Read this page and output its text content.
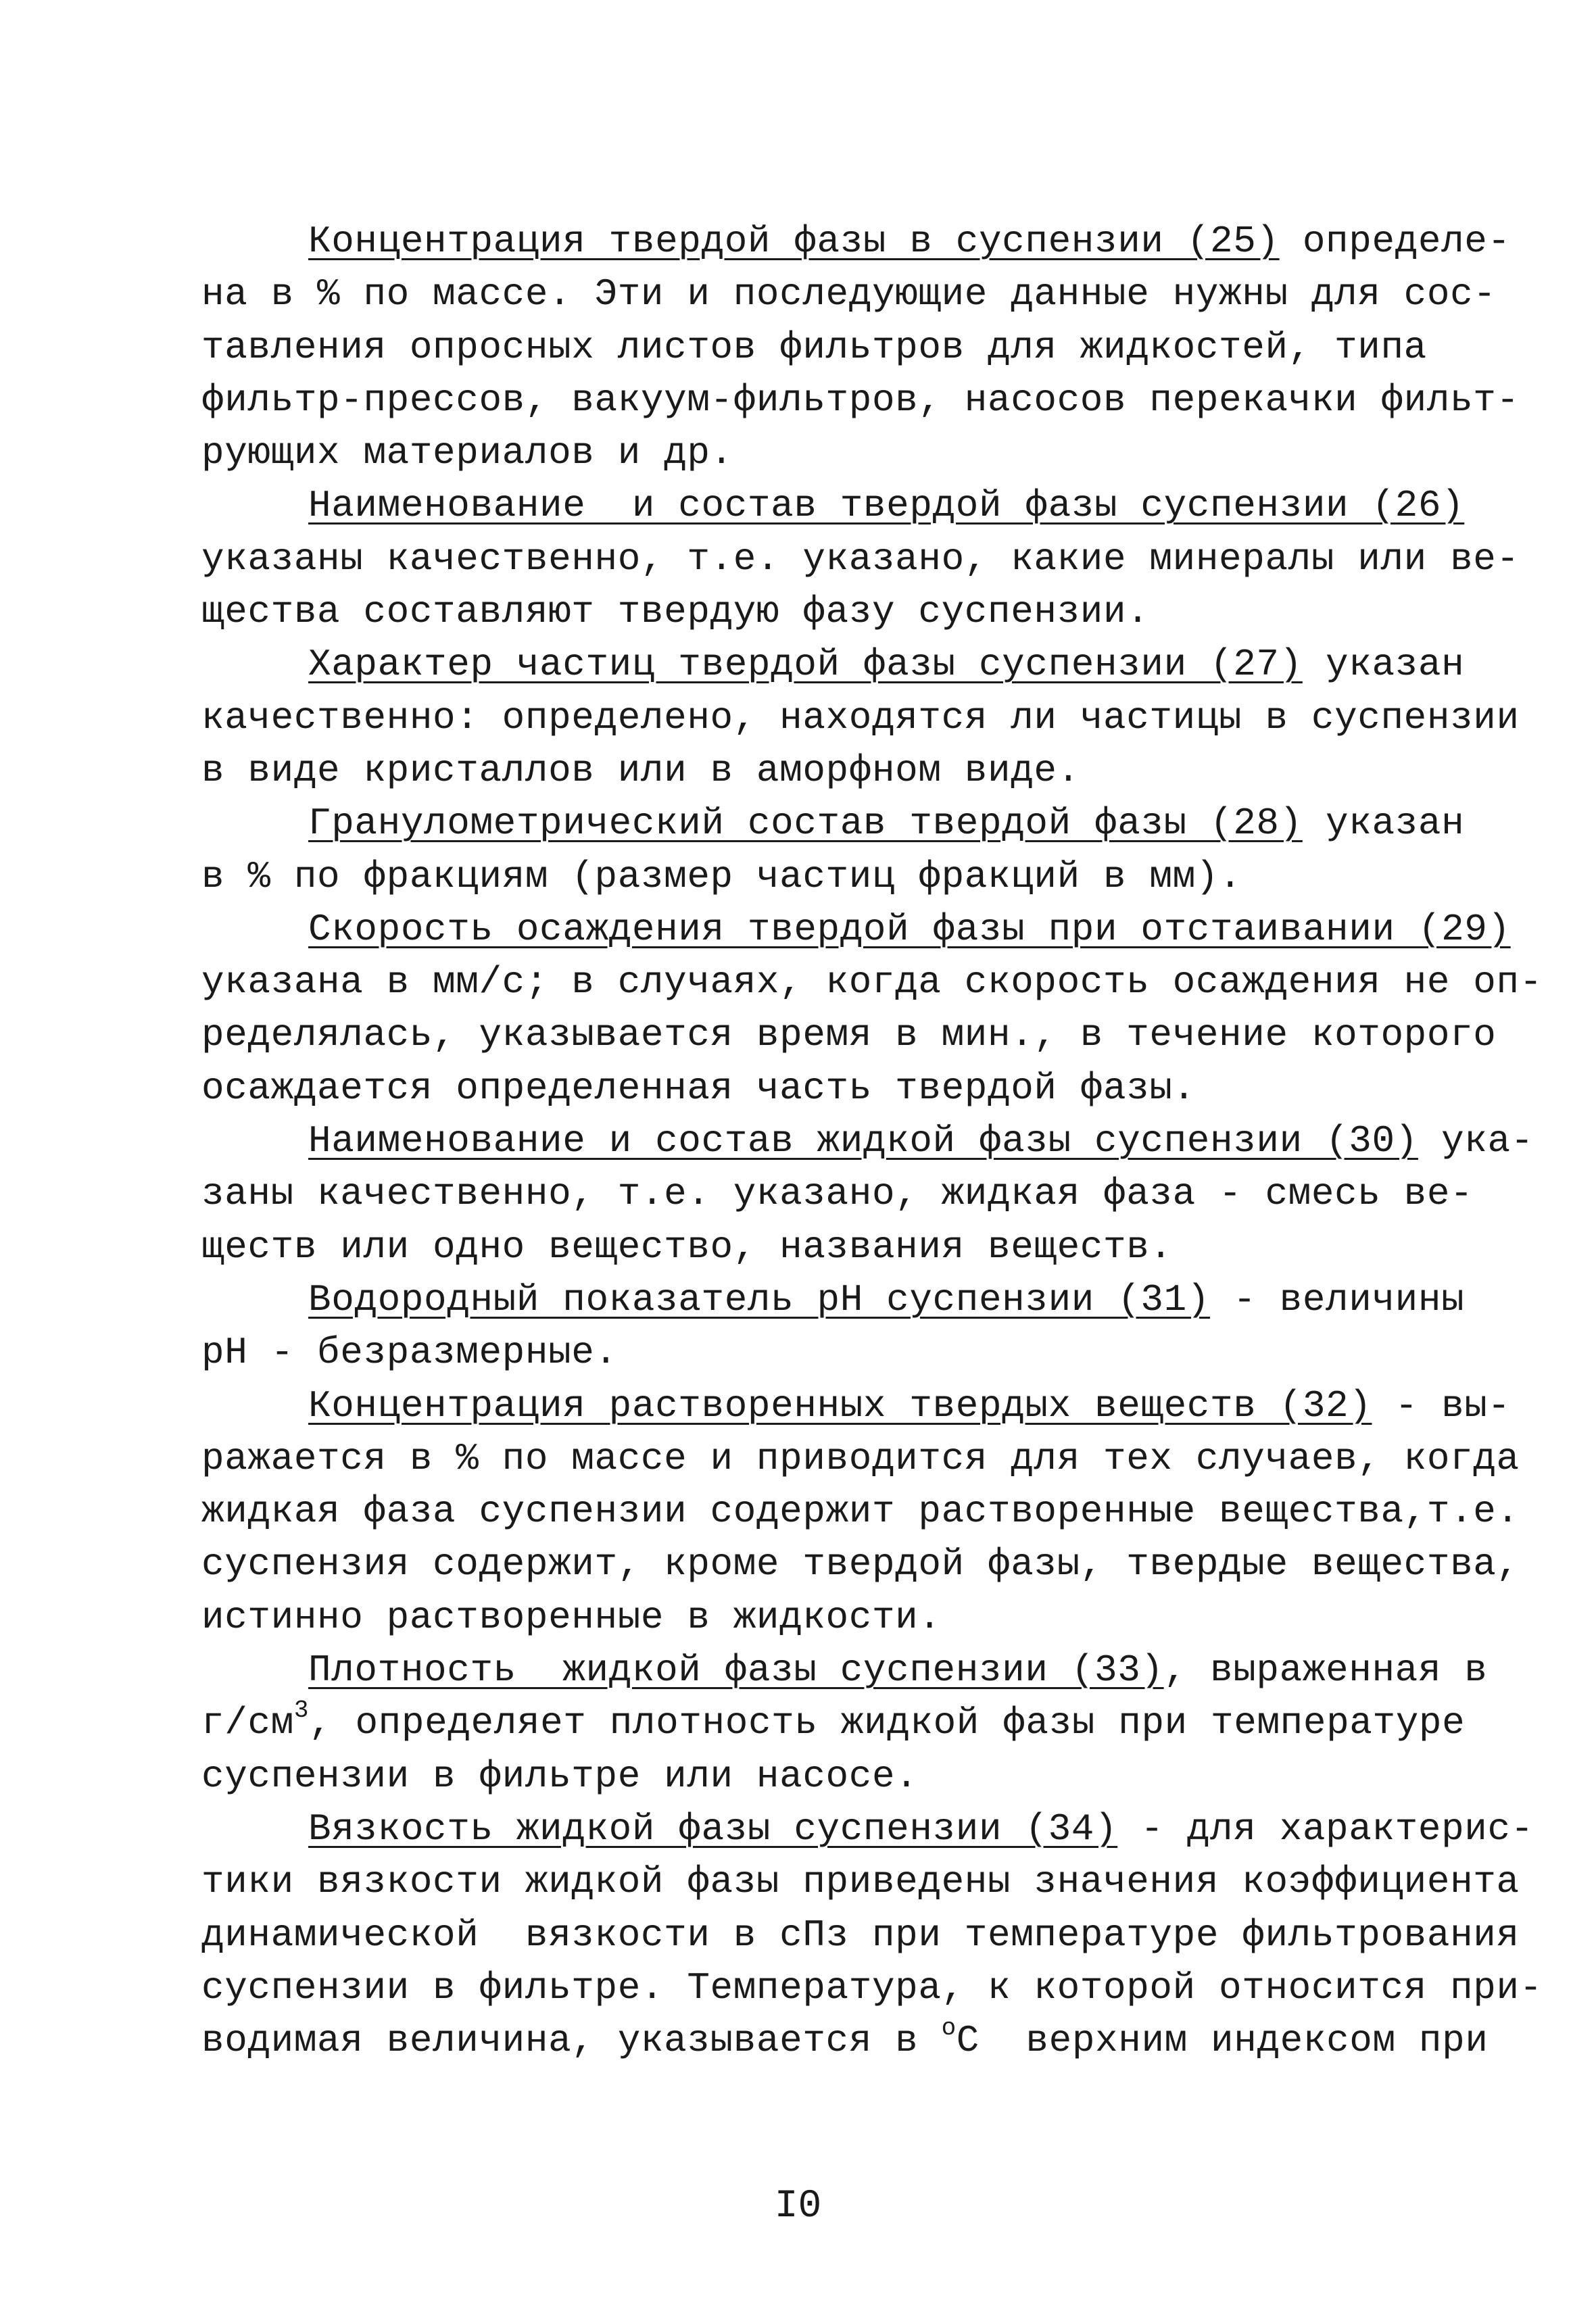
Концентрация твердой фазы в суспензии (25) определе-
на в % по массе. Эти и последующие данные нужны для сос-
тавления опросных листов фильтров для жидкостей, типа
фильтр-прессов, вакуум-фильтров, насосов перекачки фильт-
рующих материалов и др.
Наименование  и состав твердой фазы суспензии (26)
указаны качественно, т.е. указано, какие минералы или ве-
щества составляют твердую фазу суспензии.
Характер частиц твердой фазы суспензии (27) указан
качественно: определено, находятся ли частицы в суспензии
в виде кристаллов или в аморфном виде.
Гранулометрический состав твердой фазы (28) указан
в % по фракциям (размер частиц фракций в мм).
Скорость осаждения твердой фазы при отстаивании (29)
указана в мм/с; в случаях, когда скорость осаждения не оп-
ределялась, указывается время в мин., в течение которого
осаждается определенная часть твердой фазы.
Наименование и состав жидкой фазы суспензии (30) ука-
заны качественно, т.е. указано, жидкая фаза - смесь ве-
ществ или одно вещество, названия веществ.
Водородный показатель рН суспензии (31) - величины
рН - безразмерные.
Концентрация растворенных твердых веществ (32) - вы-
ражается в % по массе и приводится для тех случаев, когда
жидкая фаза суспензии содержит растворенные вещества,т.е.
суспензия содержит, кроме твердой фазы, твердые вещества,
истинно растворенные в жидкости.
Плотность  жидкой фазы суспензии (33), выраженная в
$г/см^3$, определяет плотность жидкой фазы при температуре
суспензии в фильтре или насосе.
Вязкость жидкой фазы суспензии (34) - для характерис-
тики вязкости жидкой фазы приведены значения коэффициента
динамической  вязкости в сПз при температуре фильтрования
суспензии в фильтре. Температура, к которой относится при-
водимая величина, указывается в $^о$С  верхним индексом при
I0
